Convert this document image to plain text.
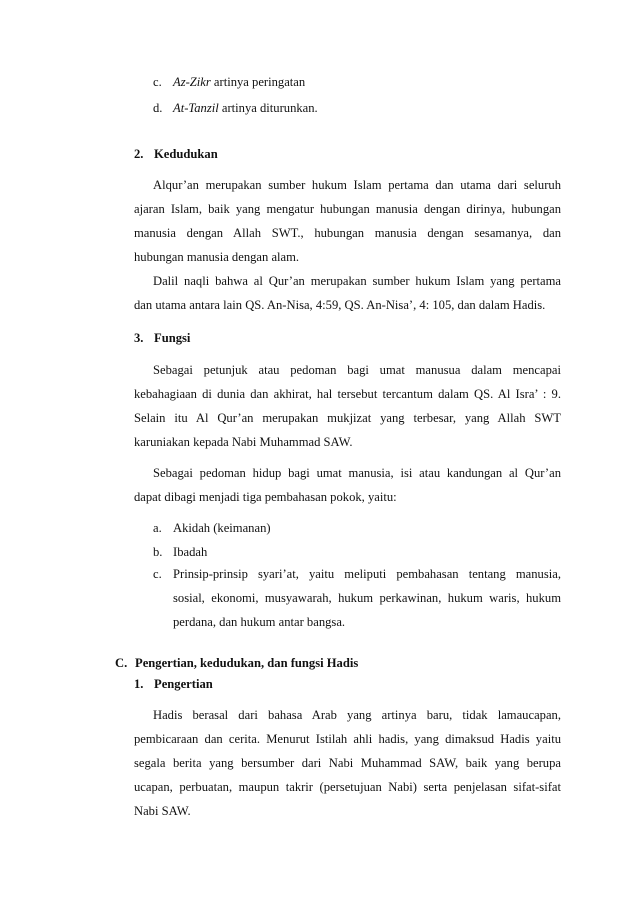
c. Az-Zikr artinya peringatan
d. At-Tanzil artinya diturunkan.
2. Kedudukan
Alqur’an merupakan sumber hukum Islam pertama dan utama dari seluruh
ajaran Islam, baik yang mengatur hubungan manusia dengan dirinya, hubungan
manusia dengan Allah SWT., hubungan manusia dengan sesamanya, dan
hubungan manusia dengan alam.
Dalil naqli bahwa al Qur’an merupakan sumber hukum Islam yang pertama
dan utama antara lain QS. An-Nisa, 4:59, QS. An-Nisa’, 4: 105, dan dalam Hadis.
3. Fungsi
Sebagai petunjuk atau pedoman bagi umat manusua dalam mencapai
kebahagiaan di dunia dan akhirat, hal tersebut tercantum dalam QS. Al Isra’ : 9.
Selain itu Al Qur’an merupakan mukjizat yang terbesar, yang Allah SWT
karuniakan kepada Nabi Muhammad SAW.
Sebagai pedoman hidup bagi umat manusia, isi atau kandungan al Qur’an
dapat dibagi menjadi tiga pembahasan pokok, yaitu:
a. Akidah (keimanan)
b. Ibadah
c. Prinsip-prinsip syari’at, yaitu meliputi pembahasan tentang manusia,
sosial, ekonomi, musyawarah, hukum perkawinan, hukum waris, hukum
perdana, dan hukum antar bangsa.
C. Pengertian, kedudukan, dan fungsi Hadis
1. Pengertian
Hadis berasal dari bahasa Arab yang artinya baru, tidak lamaucapan,
pembicaraan dan cerita. Menurut Istilah ahli hadis, yang dimaksud Hadis yaitu
segala berita yang bersumber dari Nabi Muhammad SAW, baik yang berupa
ucapan, perbuatan, maupun takrir (persetujuan Nabi) serta penjelasan sifat-sifat
Nabi SAW.
